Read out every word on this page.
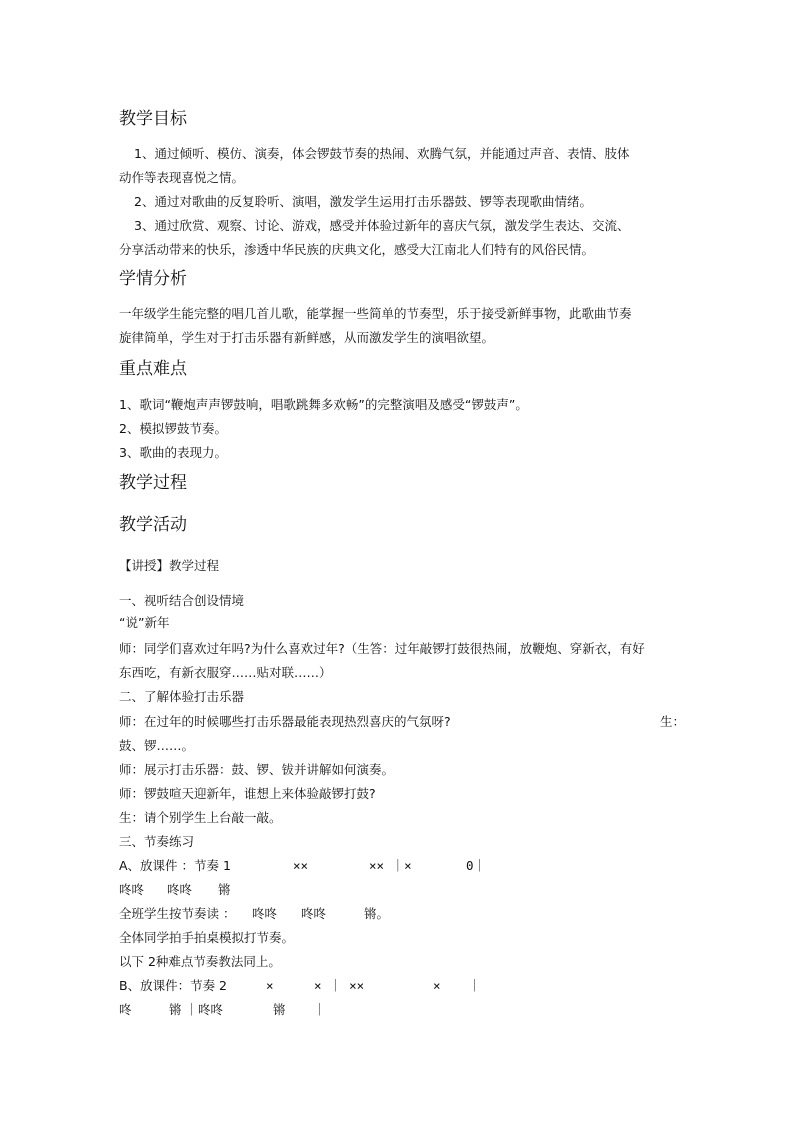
教学目标
1、通过倾听、模仿、演奏，体会锣鼓节奏的热闹、欢腾气氛，并能通过声音、表情、肢体
动作等表现喜悦之情。
2、通过对歌曲的反复聆听、演唱，激发学生运用打击乐器鼓、锣等表现歌曲情绪。
3、通过欣赏、观察、讨论、游戏，感受并体验过新年的喜庆气氛，激发学生表达、交流、
分享活动带来的快乐，渗透中华民族的庆典文化，感受大江南北人们特有的风俗民情。
学情分析
一年级学生能完整的唱几首儿歌，能掌握一些简单的节奏型，乐于接受新鲜事物，此歌曲节奏
旋律简单，学生对于打击乐器有新鲜感，从而激发学生的演唱欲望。
重点难点
1、歌词“鞭炮声声锣鼓响，唱歌跳舞多欢畅”的完整演唱及感受“锣鼓声”。
2、模拟锣鼓节奏。
3、歌曲的表现力。
教学过程
教学活动
【讲授】教学过程
一、视听结合创设情境
“说”新年
师：同学们喜欢过年吗?为什么喜欢过年?（生答：过年敲锣打鼓很热闹，放鞭炮、穿新衣，有好
东西吃，有新衣服穿……贴对联……）
二、了解体验打击乐器
师：在过年的时候哪些打击乐器最能表现热烈喜庆的气氛呀?	生：
鼓、锣……。
师：展示打击乐器：鼓、锣、钹并讲解如何演奏。
师：锣鼓喧天迎新年，谁想上来体验敲锣打鼓?
生：请个别学生上台敲一敲。
三、节奏练习
A、放课件 ：节奏 1	××	×× ｜×	0｜
咚咚 咚咚 锵
全班学生按节奏读 ： 咚咚 咚咚	锵。
全体同学拍手拍桌模拟打节奏。
以下 2种难点节奏教法同上。
B、放课件：节奏 2	×	× ｜ ××	× ｜
咚	锵 ｜咚咚	锵 ｜
